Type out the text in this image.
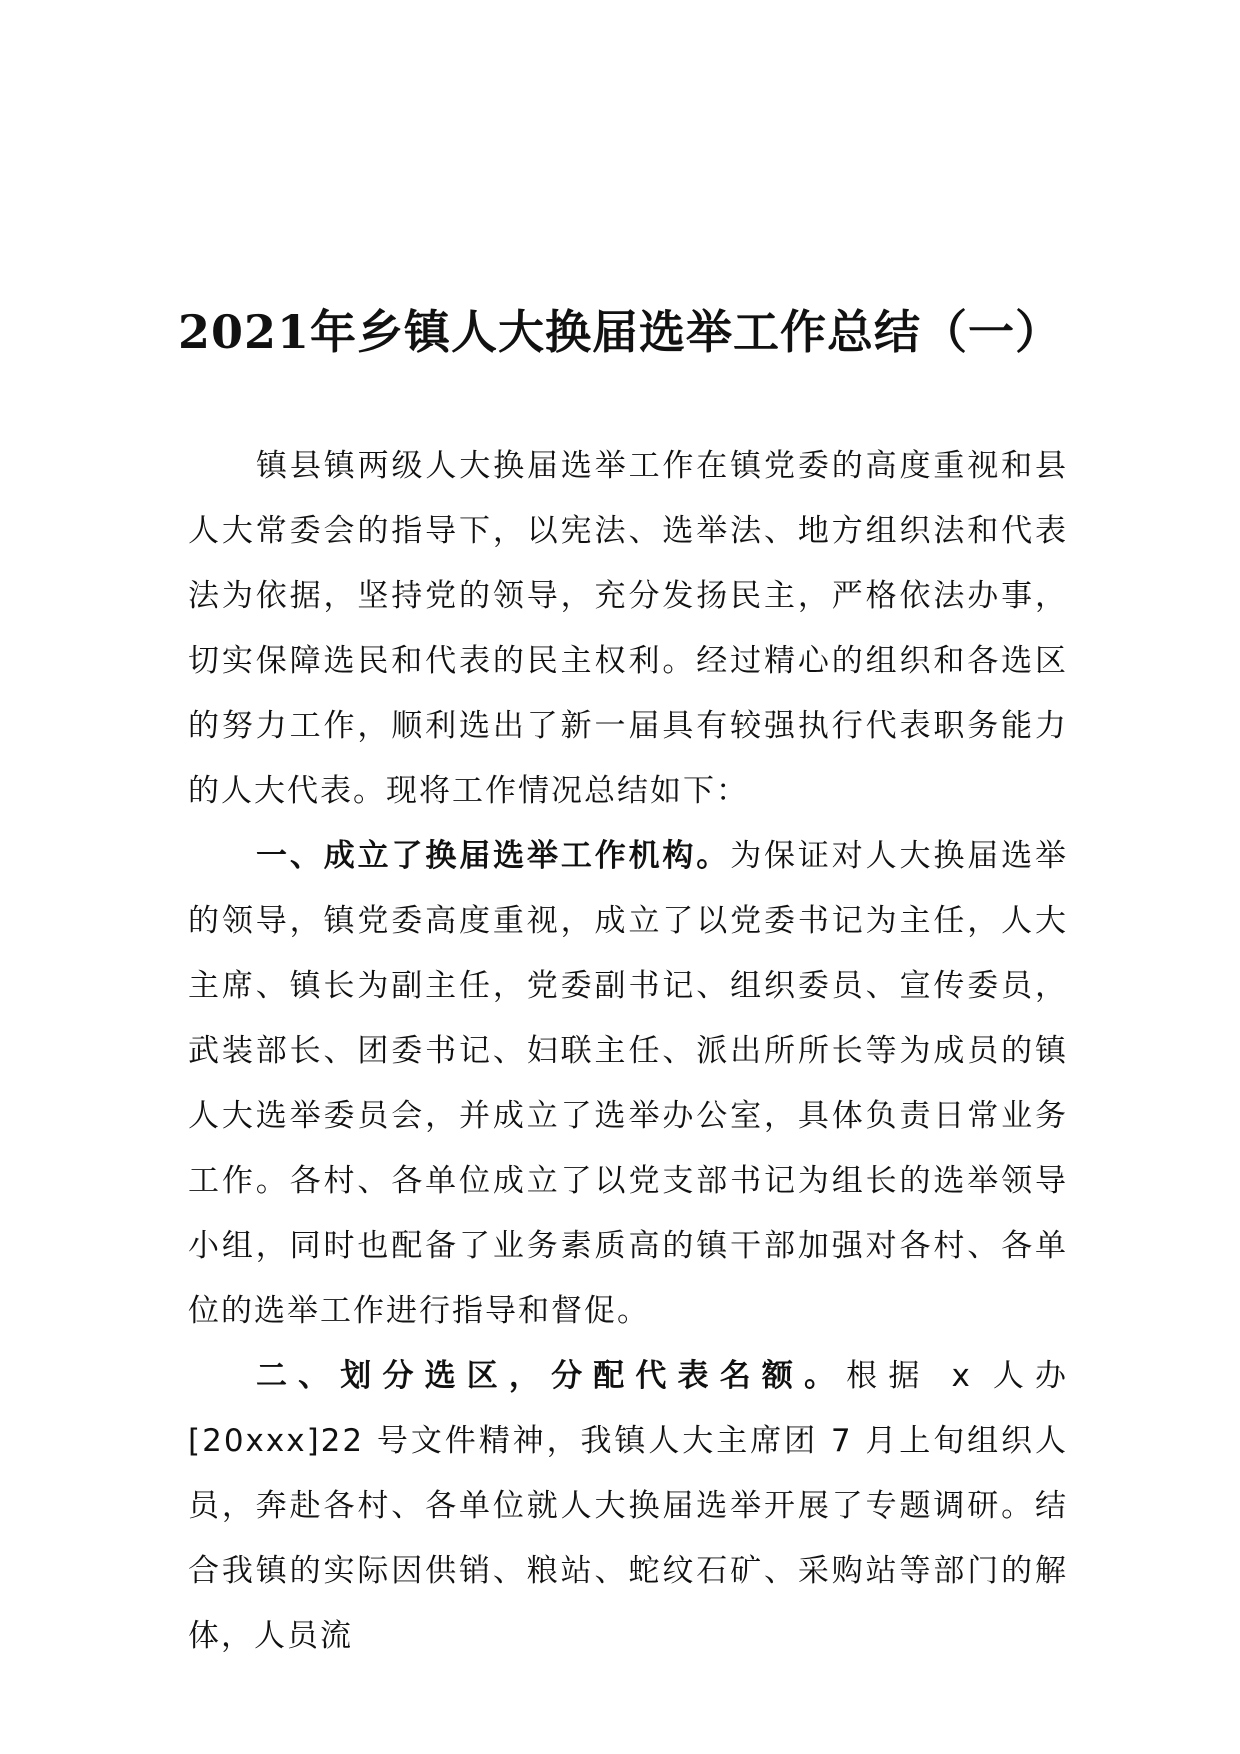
2021年乡镇人大换届选举工作总结（一）

镇县镇两级人大换届选举工作在镇党委的高度重视和县人大常委会的指导下，以宪法、选举法、地方组织法和代表法为依据，坚持党的领导，充分发扬民主，严格依法办事，切实保障选民和代表的民主权利。经过精心的组织和各选区的努力工作，顺利选出了新一届具有较强执行代表职务能力的人大代表。现将工作情况总结如下：

一、成立了换届选举工作机构。为保证对人大换届选举的领导，镇党委高度重视，成立了以党委书记为主任，人大主席、镇长为副主任，党委副书记、组织委员、宣传委员，武装部长、团委书记、妇联主任、派出所所长等为成员的镇人大选举委员会，并成立了选举办公室，具体负责日常业务工作。各村、各单位成立了以党支部书记为组长的选举领导小组，同时也配备了业务素质高的镇干部加强对各村、各单位的选举工作进行指导和督促。

二、划分选区，分配代表名额。根据 x 人办[20xxx]22 号文件精神，我镇人大主席团 7 月上旬组织人员，奔赴各村、各单位就人大换届选举开展了专题调研。结合我镇的实际因供销、粮站、蛇纹石矿、采购站等部门的解体，人员流
